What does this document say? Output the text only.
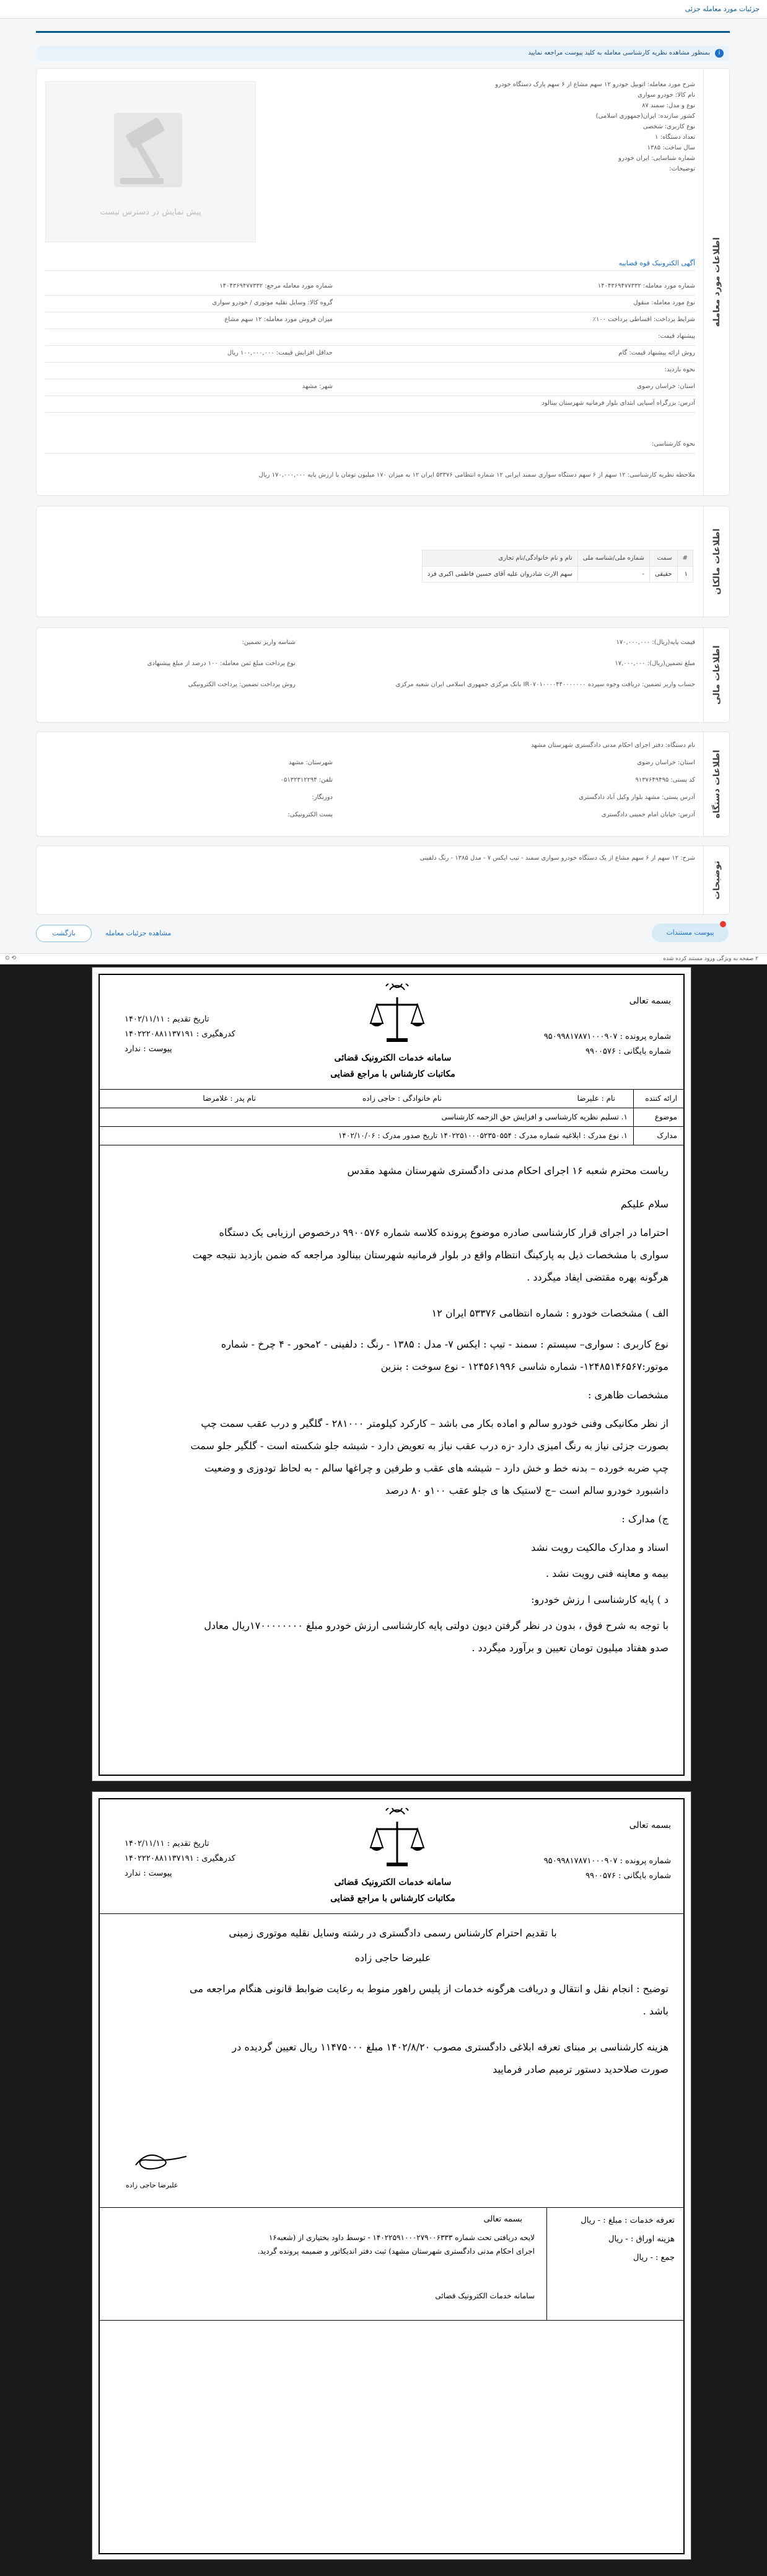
جزئیات مورد معامله جزئی
i
بمنظور مشاهده نظریه کارشناسی معامله به کلید پیوست مراجعه نمایید
اطلاعات مورد معامله
شرح مورد معامله: اتوبیل خودرو ۱۲ سهم مشاع از ۶ سهم پارک دستگاه خودرو
نام کالا: خودرو سواری
نوع و مدل: سمند ۸۷
کشور سازنده: ایران(جمهوری اسلامی)
نوع کاربری: شخصی
تعداد دستگاه: ۱
سال ساخت: ۱۳۸۵
شماره شناسایی: ایران خودرو
توضیحات:
پیش نمایش در دسترس نیست
آگهی الکترونیک قوه قضاییه
شماره مورد معامله: ۱۴۰۴۳۶۹۴۷۷۳۳۲
شماره مورد معامله مرجع: ۱۴۰۴۳۶۹۴۷۷۳۳۲
نوع مورد معامله: منقول
گروه کالا: وسایل نقلیه موتوری / خودرو سواری
شرایط پرداخت: اقساطی پرداخت ۱۰۰٪
میزان فروش مورد معامله: ۱۲ سهم مشاع
پیشنهاد قیمت:
روش ارائه پیشنهاد قیمت: گام
حداقل افزایش قیمت: ۱۰۰,۰۰۰,۰۰۰ ریال
نحوه بازدید:
استان: خراسان رضوی
شهر: مشهد
آدرس: بزرگراه آسیایی ابتدای بلوار فرمانیه شهرستان بینالود
نحوه کارشناسی:
ملاحظه نظریه کارشناسی: ۱۲ سهم از ۶ سهم دستگاه سواری سمند ایرانی ۱۲ شماره انتظامی ۵۳۳۷۶ ایران ۱۲ به میزان ۱۷۰ میلیون تومان با ارزش پایه ۱۷۰,۰۰۰,۰۰۰ ریال
اطلاعات مالکان
#	سمت	شماره ملی/شناسه ملی	نام و نام خانوادگی/نام تجاری
۱	حقیقی	-	سهم الارث شادروان علیه آقای حسین فاطمی اکبری فرد
اطلاعات مالی
قیمت پایه(ریال): ۱۷۰,۰۰۰,۰۰۰
شناسه واریز تضمین:
مبلغ تضمین(ریال): ۱۷,۰۰۰,۰۰۰
نوع پرداخت مبلغ ثمن معامله: ۱۰۰ درصد از مبلغ پیشنهادی
حساب واریز تضمین: دریافت وجوه سپرده IR۰۷۰۱۰۰۰۰۴۴۰۰۰۰۰۰۰ بانک مرکزی جمهوری اسلامی ایران شعبه مرکزی
روش پرداخت تضمین: پرداخت الکترونیکی
اطلاعات دستگاه
نام دستگاه: دفتر اجرای احکام مدنی دادگستری شهرستان مشهد
استان: خراسان رضوی
شهرستان: مشهد
کد پستی: ۹۱۳۷۶۴۹۴۹۵
تلفن: ۰۵۱۳۲۳۱۲۲۹۴
آدرس پستی: مشهد بلوار وکیل آباد دادگستری
دورنگار:
آدرس: خیابان امام خمینی دادگستری
پست الکترونیکی:
توضیحات
شرح: ۱۲ سهم از ۶ سهم مشاع از یک دستگاه خودرو سواری سمند - تیپ ایکس ۷ - مدل ۱۳۸۵ - رنگ دلفینی
پیوست مستندات
بازگشت	مشاهده جزئیات معامله
۲ صفحه به ویژگی ورود مستند کرده شده
⟲ ⊙
بسمه تعالی
شماره پرونده : ۹۵۰۹۹۸۱۷۸۷۱۰۰۰۹۰۷
شماره بایگانی : ۹۹۰۰۵۷۶
سامانه خدمات الکترونیک قضائی
مکاتبات کارشناس با مراجع قضایی
تاریخ تقدیم : ۱۴۰۲/۱۱/۱۱
کدرهگیری : ۱۴۰۲۲۲۰۸۸۱۱۳۷۱۹۱
پیوست : ندارد
ارائه کننده
نام : علیرضا
نام خانوادگی : حاجی زاده
نام پدر : غلامرضا
موضوع
۱. تسلیم نظریه کارشناسی و افزایش حق الزحمه کارشناسی
مدارک
۱. نوع مدرک : ابلاغیه شماره مدرک : ۱۴۰۲۲۵۱۰۰۰۵۲۳۵۰۵۵۴ تاریخ صدور مدرک : ۱۴۰۲/۱۰/۰۶

ریاست محترم شعبه ۱۶ اجرای احکام مدنی دادگستری شهرستان مشهد مقدس

سلام علیکم

احتراما در اجرای قرار کارشناسی صادره موضوع پرونده کلاسه شماره ۹۹۰۰۵۷۶ درخصوص ارزیابی یک دستگاه

سواری با مشخصات ذیل به پارکینگ انتظام واقع در بلوار فرمانیه شهرستان بینالود مراجعه که ضمن بازدید نتیجه جهت

هرگونه بهره مقتضی ایفاد میگردد .

الف ) مشخصات خودرو : شماره انتظامی ۵۳۳۷۶ ایران ۱۲

نوع کاربری : سواری– سیستم : سمند - تیپ : ایکس ۷- مدل : ۱۳۸۵ - رنگ : دلفینی - ۲محور - ۴ چرخ - شماره

موتور:۱۲۴۸۵۱۴۶۵۶۷- شماره شاسی ۱۲۴۵۶۱۹۹۶ - نوع سوخت : بنزین

مشخصات ظاهری :

از نظر مکانیکی وفنی خودرو سالم و اماده بکار می باشد – کارکرد کیلومتر ۲۸۱۰۰۰ - گلگیر و درب عقب سمت چپ

بصورت جزئی نیاز به رنگ امیزی دارد -زه درب عقب نیاز به تعویض دارد - شیشه جلو شکسته است - گلگیر جلو سمت

چپ ضربه خورده – بدنه خط و خش دارد – شیشه های عقب و طرفین و چراغها سالم - به لحاظ تودوزی و وضعیت

داشبورد خودرو سالم است –ج لاستیک ها ی جلو عقب ۱۰۰و ۸۰ درصد

ج) مدارک :

اسناد و مدارک مالکیت رویت نشد

بیمه و معاینه فنی رویت نشد .

د ) پایه کارشناسی ا رزش خودرو:

با توجه به شرح فوق ، بدون در نظر گرفتن دیون دولتی پایه کارشناسی ارزش خودرو مبلغ ۱۷۰۰۰۰۰۰۰۰ریال معادل

صدو هفتاد میلیون تومان تعیین و برآورد میگردد .

بسمه تعالی
شماره پرونده : ۹۵۰۹۹۸۱۷۸۷۱۰۰۰۹۰۷
شماره بایگانی : ۹۹۰۰۵۷۶
سامانه خدمات الکترونیک قضائی
مکاتبات کارشناس با مراجع قضایی
تاریخ تقدیم : ۱۴۰۲/۱۱/۱۱
کدرهگیری : ۱۴۰۲۲۲۰۸۸۱۱۳۷۱۹۱
پیوست : ندارد
با تقدیم احترام کارشناس رسمی دادگستری در رشته وسایل نقلیه موتوری زمینی
علیرضا حاجی زاده

توضیح : انجام نقل و انتقال و دریافت هرگونه خدمات از پلیس راهور منوط به رعایت ضوابط قانونی هنگام مراجعه می

باشد .

هزینه کارشناسی بر مبنای تعرفه ابلاغی دادگستری مصوب ۱۴۰۲/۸/۲۰ مبلغ ۱۱۴۷۵۰۰۰ ریال تعیین گردیده در

صورت صلاحدید دستور ترمیم صادر فرمایید

علیرضا حاجی زاده
تعرفه خدمات : مبلغ : - ریال
هزینه اوراق : - ریال
جمع : - ریال
بسمه تعالی
لایحه دریافتی تحت شماره ۱۴۰۲۲۵۹۱۰۰۰۲۷۹۰۰۶۳۳۳ - توسط داود بختیاری از (شعبه۱۶
اجرای احکام مدنی دادگستری شهرستان مشهد) ثبت دفتر اندیکاتور و ضمیمه پرونده گردید.
سامانه خدمات الکترونیک قضائی
